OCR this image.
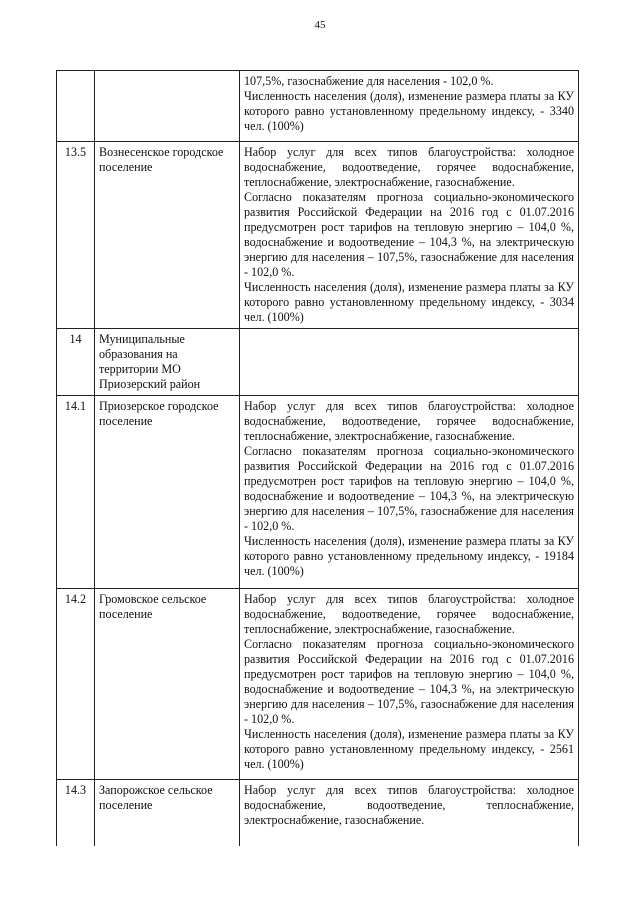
45

		107,5%, газоснабжение для населения - 102,0 %.

Численность населения (доля), изменение размера платы за КУ которого равно установленному предельному индексу, - 3340 чел. (100%)

13.5	Вознесенское городское поселение	Набор услуг для всех типов благоустройства: холодное водоснабжение, водоотведение, горячее водоснабжение, теплоснабжение, электроснабжение, газоснабжение.

Согласно показателям прогноза социально-экономического развития Российской Федерации на 2016 год с 01.07.2016 предусмотрен рост тарифов на тепловую энергию – 104,0 %, водоснабжение и водоотведение – 104,3 %, на электрическую энергию для населения – 107,5%, газоснабжение для населения - 102,0 %.

Численность населения (доля), изменение размера платы за КУ которого равно установленному предельному индексу, - 3034 чел. (100%)

14	Муниципальные образования на территории МО Приозерский район	
14.1	Приозерское городское поселение	Набор услуг для всех типов благоустройства: холодное водоснабжение, водоотведение, горячее водоснабжение, теплоснабжение, электроснабжение, газоснабжение.

Согласно показателям прогноза социально-экономического развития Российской Федерации на 2016 год с 01.07.2016 предусмотрен рост тарифов на тепловую энергию – 104,0 %, водоснабжение и водоотведение – 104,3 %, на электрическую энергию для населения – 107,5%, газоснабжение для населения - 102,0 %.

Численность населения (доля), изменение размера платы за КУ которого равно установленному предельному индексу, - 19184 чел. (100%)

14.2	Громовское сельское поселение	Набор услуг для всех типов благоустройства: холодное водоснабжение, водоотведение, горячее водоснабжение, теплоснабжение, электроснабжение, газоснабжение.

Согласно показателям прогноза социально-экономического развития Российской Федерации на 2016 год с 01.07.2016 предусмотрен рост тарифов на тепловую энергию – 104,0 %, водоснабжение и водоотведение – 104,3 %, на электрическую энергию для населения – 107,5%, газоснабжение для населения - 102,0 %.

Численность населения (доля), изменение размера платы за КУ которого равно установленному предельному индексу, - 2561 чел. (100%)

14.3	Запорожское сельское поселение	Набор услуг для всех типов благоустройства: холодное водоснабжение, водоотведение, теплоснабжение, электроснабжение, газоснабжение.
